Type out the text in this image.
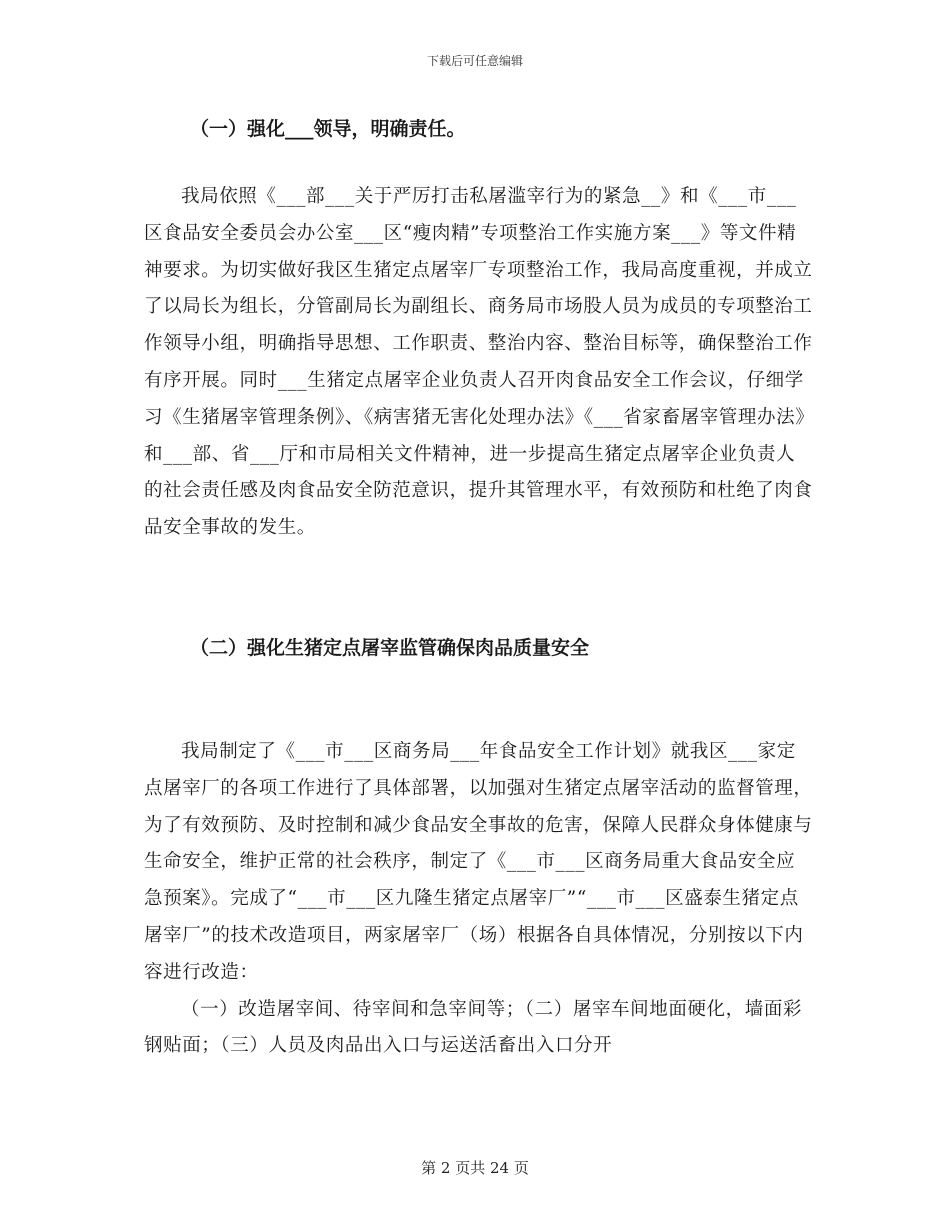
下载后可任意编辑
（一）强化___领导，明确责任。

我局依照《___部___关于严厉打击私屠滥宰行为的紧急__》和《___市___区食品安全委员会办公室___区“瘦肉精”专项整治工作实施方案___》等文件精神要求。为切实做好我区生猪定点屠宰厂专项整治工作，我局高度重视，并成立了以局长为组长，分管副局长为副组长、商务局市场股人员为成员的专项整治工作领导小组，明确指导思想、工作职责、整治内容、整治目标等，确保整治工作有序开展。同时___生猪定点屠宰企业负责人召开肉食品安全工作会议，仔细学习《生猪屠宰管理条例》、《病害猪无害化处理办法》《___省家畜屠宰管理办法》和___部、省___厅和市局相关文件精神，进一步提高生猪定点屠宰企业负责人的社会责任感及肉食品安全防范意识，提升其管理水平，有效预防和杜绝了肉食品安全事故的发生。

（二）强化生猪定点屠宰监管确保肉品质量安全

我局制定了《___市___区商务局___年食品安全工作计划》就我区___家定点屠宰厂的各项工作进行了具体部署，以加强对生猪定点屠宰活动的监督管理，为了有效预防、及时控制和减少食品安全事故的危害，保障人民群众身体健康与生命安全，维护正常的社会秩序，制定了《___市___区商务局重大食品安全应急预案》。完成了“___市___区九隆生猪定点屠宰厂”“___市___区盛泰生猪定点屠宰厂”的技术改造项目，两家屠宰厂（场）根据各自具体情况，分别按以下内容进行改造：

（一）改造屠宰间、待宰间和急宰间等；（二）屠宰车间地面硬化，墙面彩钢贴面；（三）人员及肉品出入口与运送活畜出入口分开

第 2 页共 24 页
